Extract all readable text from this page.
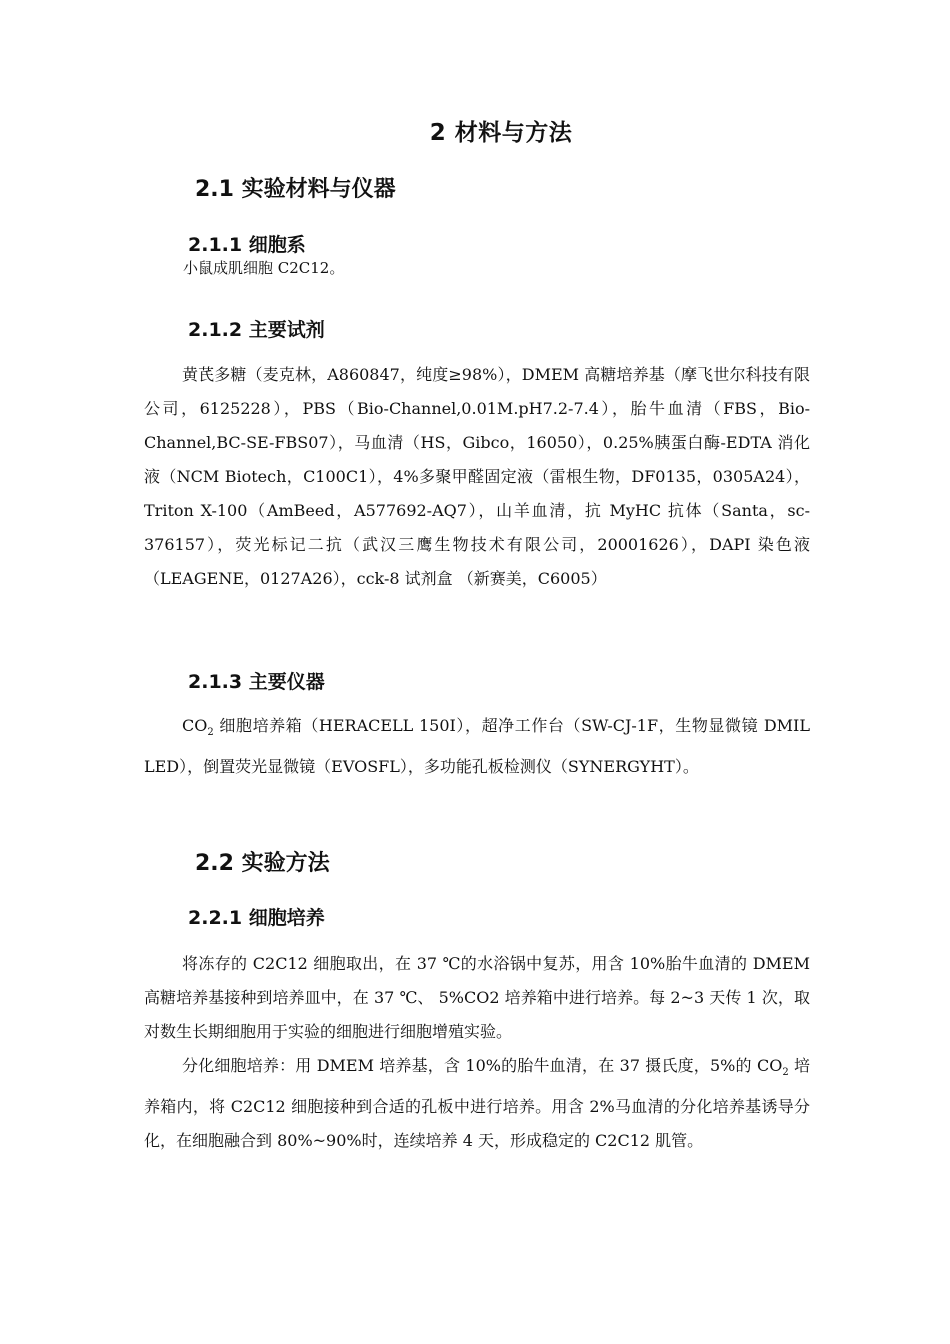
2 材料与方法
2.1 实验材料与仪器
2.1.1 细胞系
小鼠成肌细胞 C2C12。
2.1.2 主要试剂
黄芪多糖（麦克林，A860847，纯度≥98%），DMEM 高糖培养基（摩飞世尔科技有限公司，6125228），PBS（Bio-Channel,0.01M.pH7.2-7.4），胎牛血清（FBS，Bio-Channel,BC-SE-FBS07），马血清（HS，Gibco，16050），0.25%胰蛋白酶-EDTA 消化液（NCM Biotech，C100C1），4%多聚甲醛固定液（雷根生物，DF0135，0305A24），Triton X-100（AmBeed，A577692-AQ7），山羊血清，抗 MyHC 抗体（Santa，sc-376157），荧光标记二抗（武汉三鹰生物技术有限公司，20001626），DAPI 染色液（LEAGENE，0127A26），cck-8 试剂盒 （新赛美，C6005）
2.1.3 主要仪器
$CO_2$ 细胞培养箱（HERACELL 150I），超净工作台（SW-CJ-1F，生物显微镜 DMIL LED），倒置荧光显微镜（EVOSFL），多功能孔板检测仪（SYNERGYHT）。
2.2 实验方法
2.2.1 细胞培养
将冻存的 C2C12 细胞取出，在 37 ℃的水浴锅中复苏，用含 10%胎牛血清的 DMEM 高糖培养基接种到培养皿中，在 37 ℃、 5%CO2 培养箱中进行培养。每 2~3 天传 1 次，取对数生长期细胞用于实验的细胞进行细胞增殖实验。
分化细胞培养：用 DMEM 培养基，含 10%的胎牛血清，在 37 摄氏度，5%的 $CO_2$ 培养箱内，将 C2C12 细胞接种到合适的孔板中进行培养。用含 2%马血清的分化培养基诱导分化，在细胞融合到 80%~90%时，连续培养 4 天，形成稳定的 C2C12 肌管。
